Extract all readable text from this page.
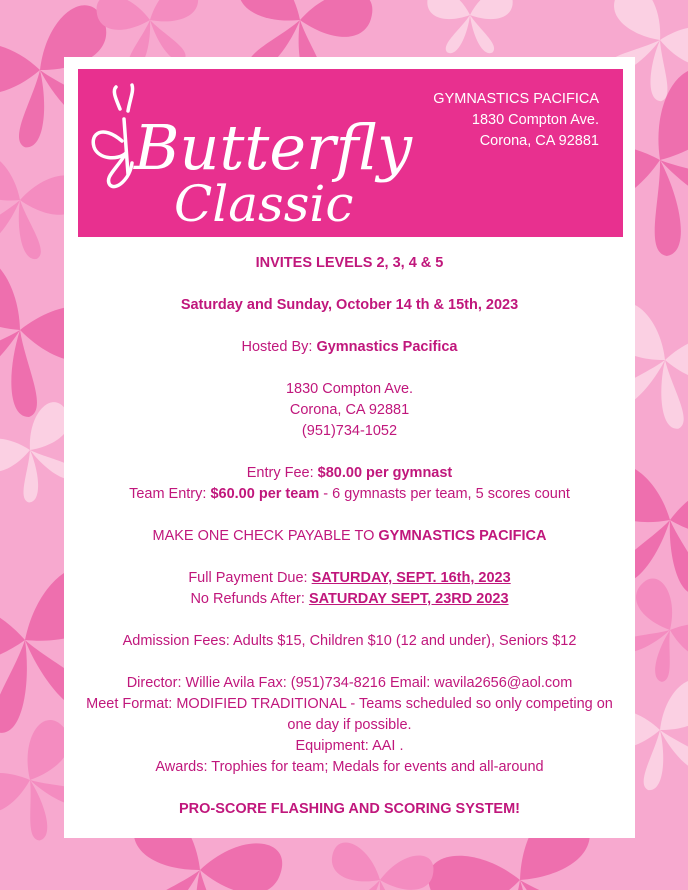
Butterfly
Classic
GYMNASTICS PACIFICA
1830 Compton Ave.
Corona, CA 92881

INVITES LEVELS 2, 3, 4 & 5

Saturday and Sunday, October 14 th & 15th, 2023

Hosted By: Gymnastics Pacifica

1830 Compton Ave.

Corona, CA 92881

(951)734-1052

Entry Fee: $80.00 per gymnast

Team Entry: $60.00 per team - 6 gymnasts per team, 5 scores count

MAKE ONE CHECK PAYABLE TO GYMNASTICS PACIFICA

Full Payment Due: SATURDAY, SEPT. 16th, 2023

No Refunds After: SATURDAY SEPT, 23RD 2023

Admission Fees: Adults $15, Children $10 (12 and under), Seniors $12

Director: Willie Avila Fax: (951)734-8216 Email: wavila2656@aol.com

Meet Format: MODIFIED TRADITIONAL - Teams scheduled so only competing on

one day if possible.

Equipment: AAI .

Awards: Trophies for team; Medals for events and all-around

PRO-SCORE FLASHING AND SCORING SYSTEM!
